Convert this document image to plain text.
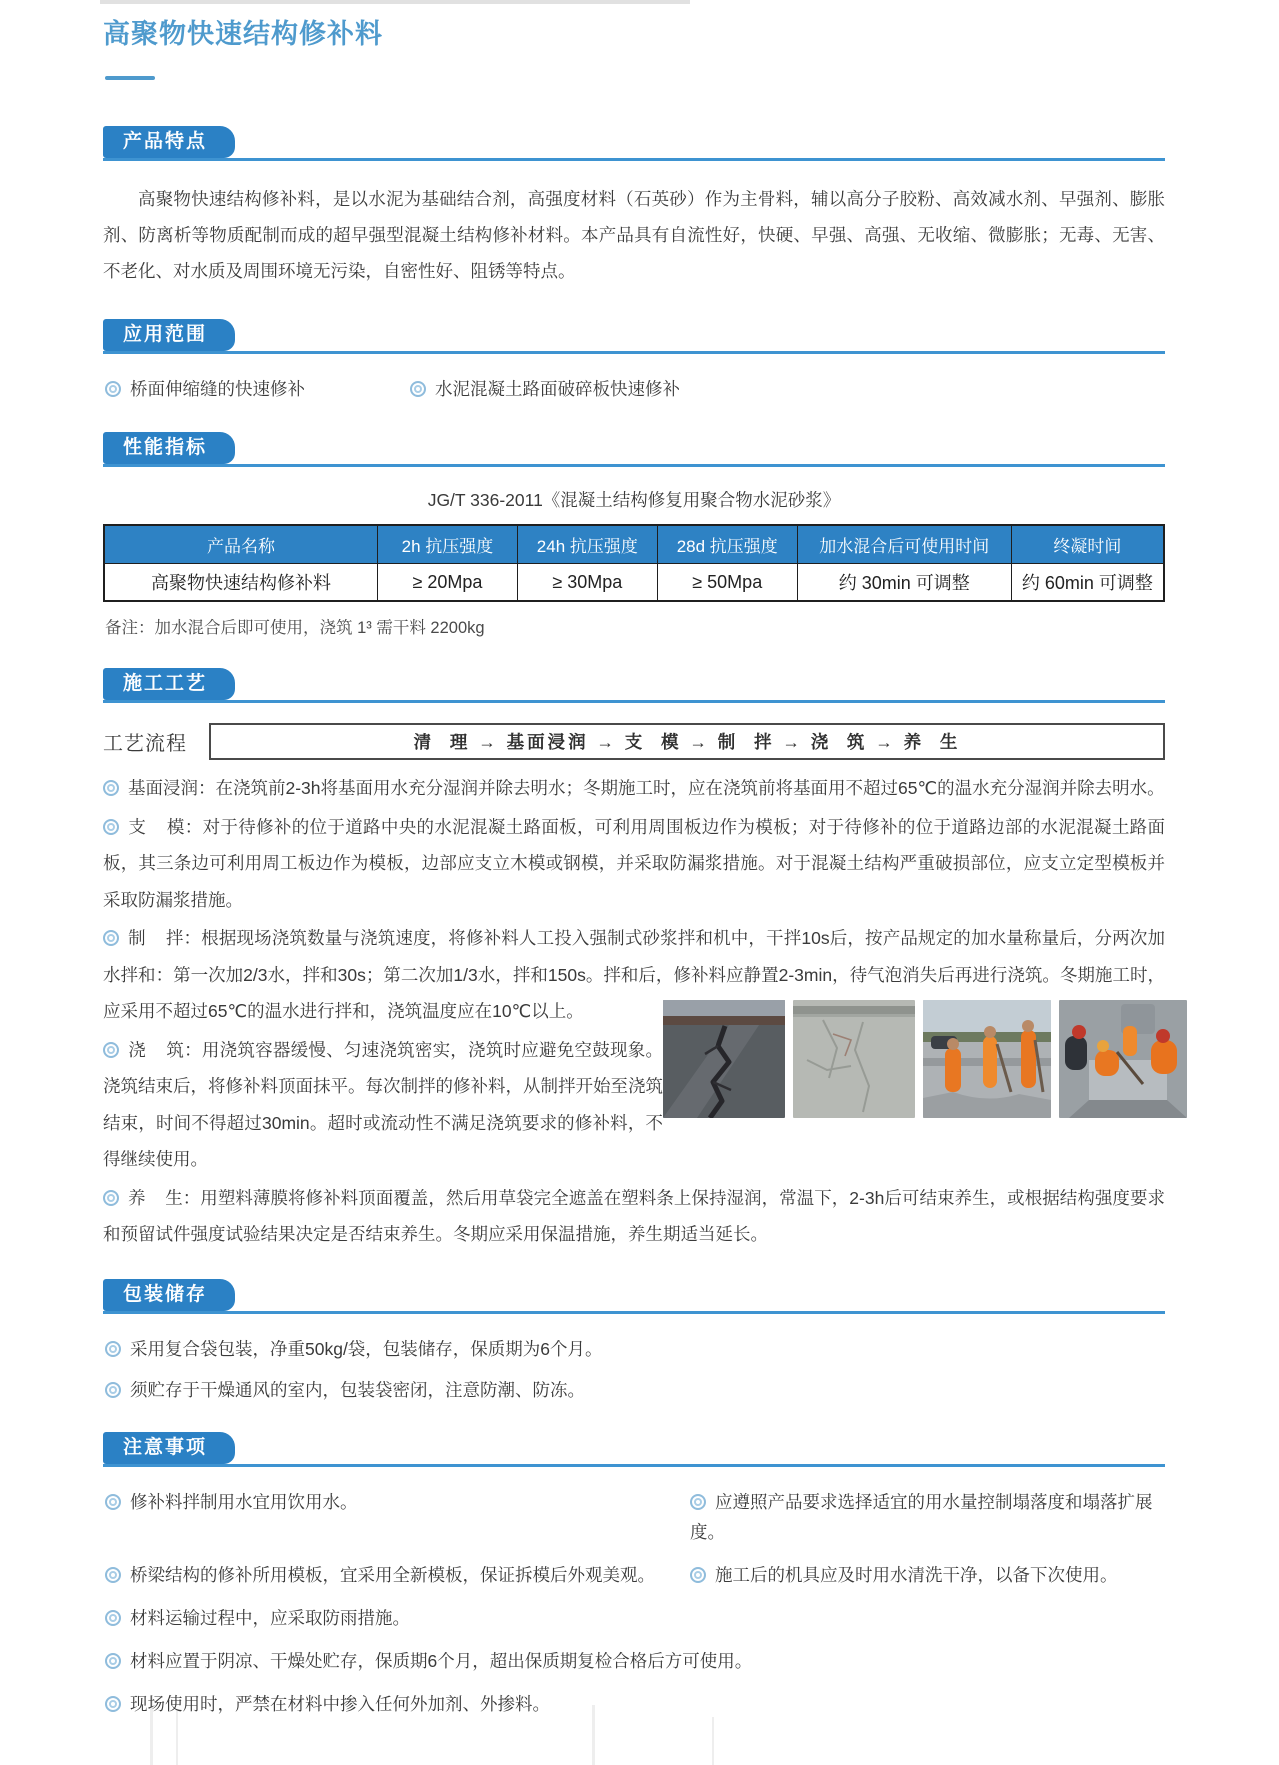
高聚物快速结构修补料
产品特点

高聚物快速结构修补料，是以水泥为基础结合剂，高强度材料（石英砂）作为主骨料，辅以高分子胶粉、高效减水剂、早强剂、膨胀剂、防离析等物质配制而成的超早强型混凝土结构修补材料。本产品具有自流性好，快硬、早强、高强、无收缩、微膨胀；无毒、无害、不老化、对水质及周围环境无污染，自密性好、阻锈等特点。

应用范围
桥面伸缩缝的快速修补	水泥混凝土路面破碎板快速修补
性能指标

JG/T 336-2011《混凝土结构修复用聚合物水泥砂浆》

产品名称	2h 抗压强度	24h 抗压强度	28d 抗压强度	加水混合后可使用时间	终凝时间
高聚物快速结构修补料	≥ 20Mpa	≥ 30Mpa	≥ 50Mpa	约 30min 可调整	约 60min 可调整

备注：加水混合后即可使用，浇筑 1³ 需干料 2200kg

施工工艺
工艺流程	清  理 → 基面浸润 → 支  模 → 制  拌 → 浇  筑 → 养  生

基面浸润：在浇筑前2-3h将基面用水充分湿润并除去明水；冬期施工时，应在浇筑前将基面用不超过65℃的温水充分湿润并除去明水。

支    模：对于待修补的位于道路中央的水泥混凝土路面板，可利用周围板边作为模板；对于待修补的位于道路边部的水泥混凝土路面板，其三条边可利用周工板边作为模板，边部应支立木模或钢模，并采取防漏浆措施。对于混凝土结构严重破损部位，应支立定型模板并采取防漏浆措施。

制    拌：根据现场浇筑数量与浇筑速度，将修补料人工投入强制式砂浆拌和机中，干拌10s后，按产品规定的加水量称量后，分两次加水拌和：第一次加2/3水，拌和30s；第二次加1/3水，拌和150s。拌和后，修补料应静置2-3min，待气泡消失后再进行浇筑。冬期施工时，应采用不超过65℃的温水进行拌和，浇筑温度应在10℃以上。

浇    筑：用浇筑容器缓慢、匀速浇筑密实，浇筑时应避免空鼓现象。浇筑结束后，将修补料顶面抹平。每次制拌的修补料，从制拌开始至浇筑结束，时间不得超过30min。超时或流动性不满足浇筑要求的修补料，不得继续使用。

养    生：用塑料薄膜将修补料顶面覆盖，然后用草袋完全遮盖在塑料条上保持湿润，常温下，2-3h后可结束养生，或根据结构强度要求和预留试件强度试验结果决定是否结束养生。冬期应采用保温措施，养生期适当延长。

包装储存
采用复合袋包装，净重50kg/袋，包装储存，保质期为6个月。
须贮存于干燥通风的室内，包装袋密闭，注意防潮、防冻。
注意事项
修补料拌制用水宜用饮用水。	应遵照产品要求选择适宜的用水量控制塌落度和塌落扩展度。
桥梁结构的修补所用模板，宜采用全新模板，保证拆模后外观美观。	施工后的机具应及时用水清洗干净，以备下次使用。
材料运输过程中，应采取防雨措施。
材料应置于阴凉、干燥处贮存，保质期6个月，超出保质期复检合格后方可使用。
现场使用时，严禁在材料中掺入任何外加剂、外掺料。
